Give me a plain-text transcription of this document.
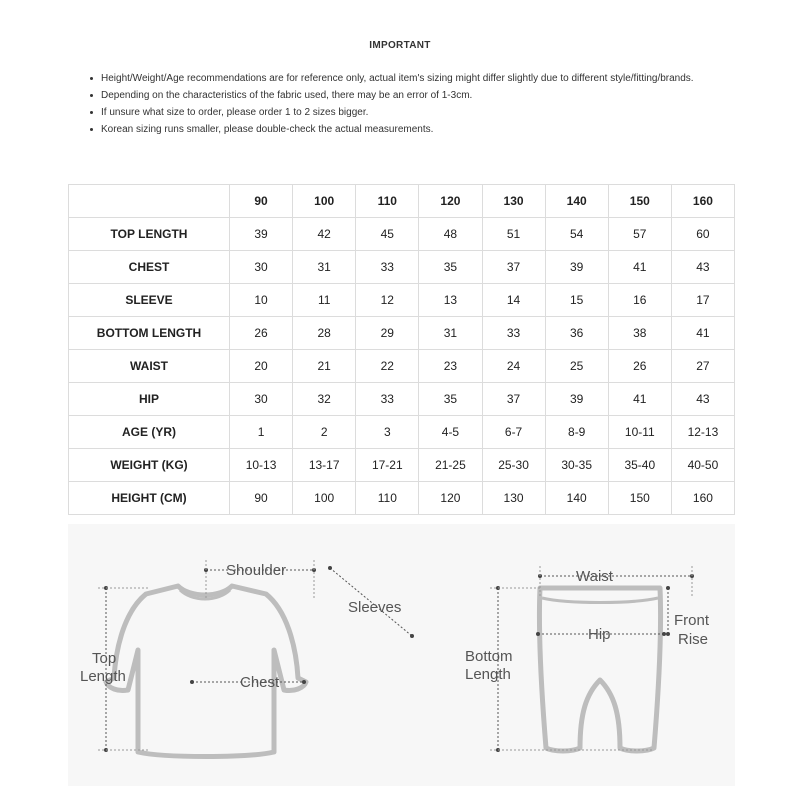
IMPORTANT
Height/Weight/Age recommendations are for reference only, actual item's sizing might differ slightly due to different style/fitting/brands.
Depending on the characteristics of the fabric used, there may be an error of 1-3cm.
If unsure what size to order, please order 1 to 2 sizes bigger.
Korean sizing runs smaller, please double-check the actual measurements.
	90	100	110	120	130	140	150	160
TOP LENGTH	39	42	45	48	51	54	57	60
CHEST	30	31	33	35	37	39	41	43
SLEEVE	10	11	12	13	14	15	16	17
BOTTOM LENGTH	26	28	29	31	33	36	38	41
WAIST	20	21	22	23	24	25	26	27
HIP	30	32	33	35	37	39	41	43
AGE (YR)	1	2	3	4-5	6-7	8-9	10-11	12-13
WEIGHT (KG)	10-13	13-17	17-21	21-25	25-30	30-35	35-40	40-50
HEIGHT (CM)	90	100	110	120	130	140	150	160
Shoulder
Sleeves
Top
Length	Chest
Waist
Hip
Front
Rise
Bottom
Length
